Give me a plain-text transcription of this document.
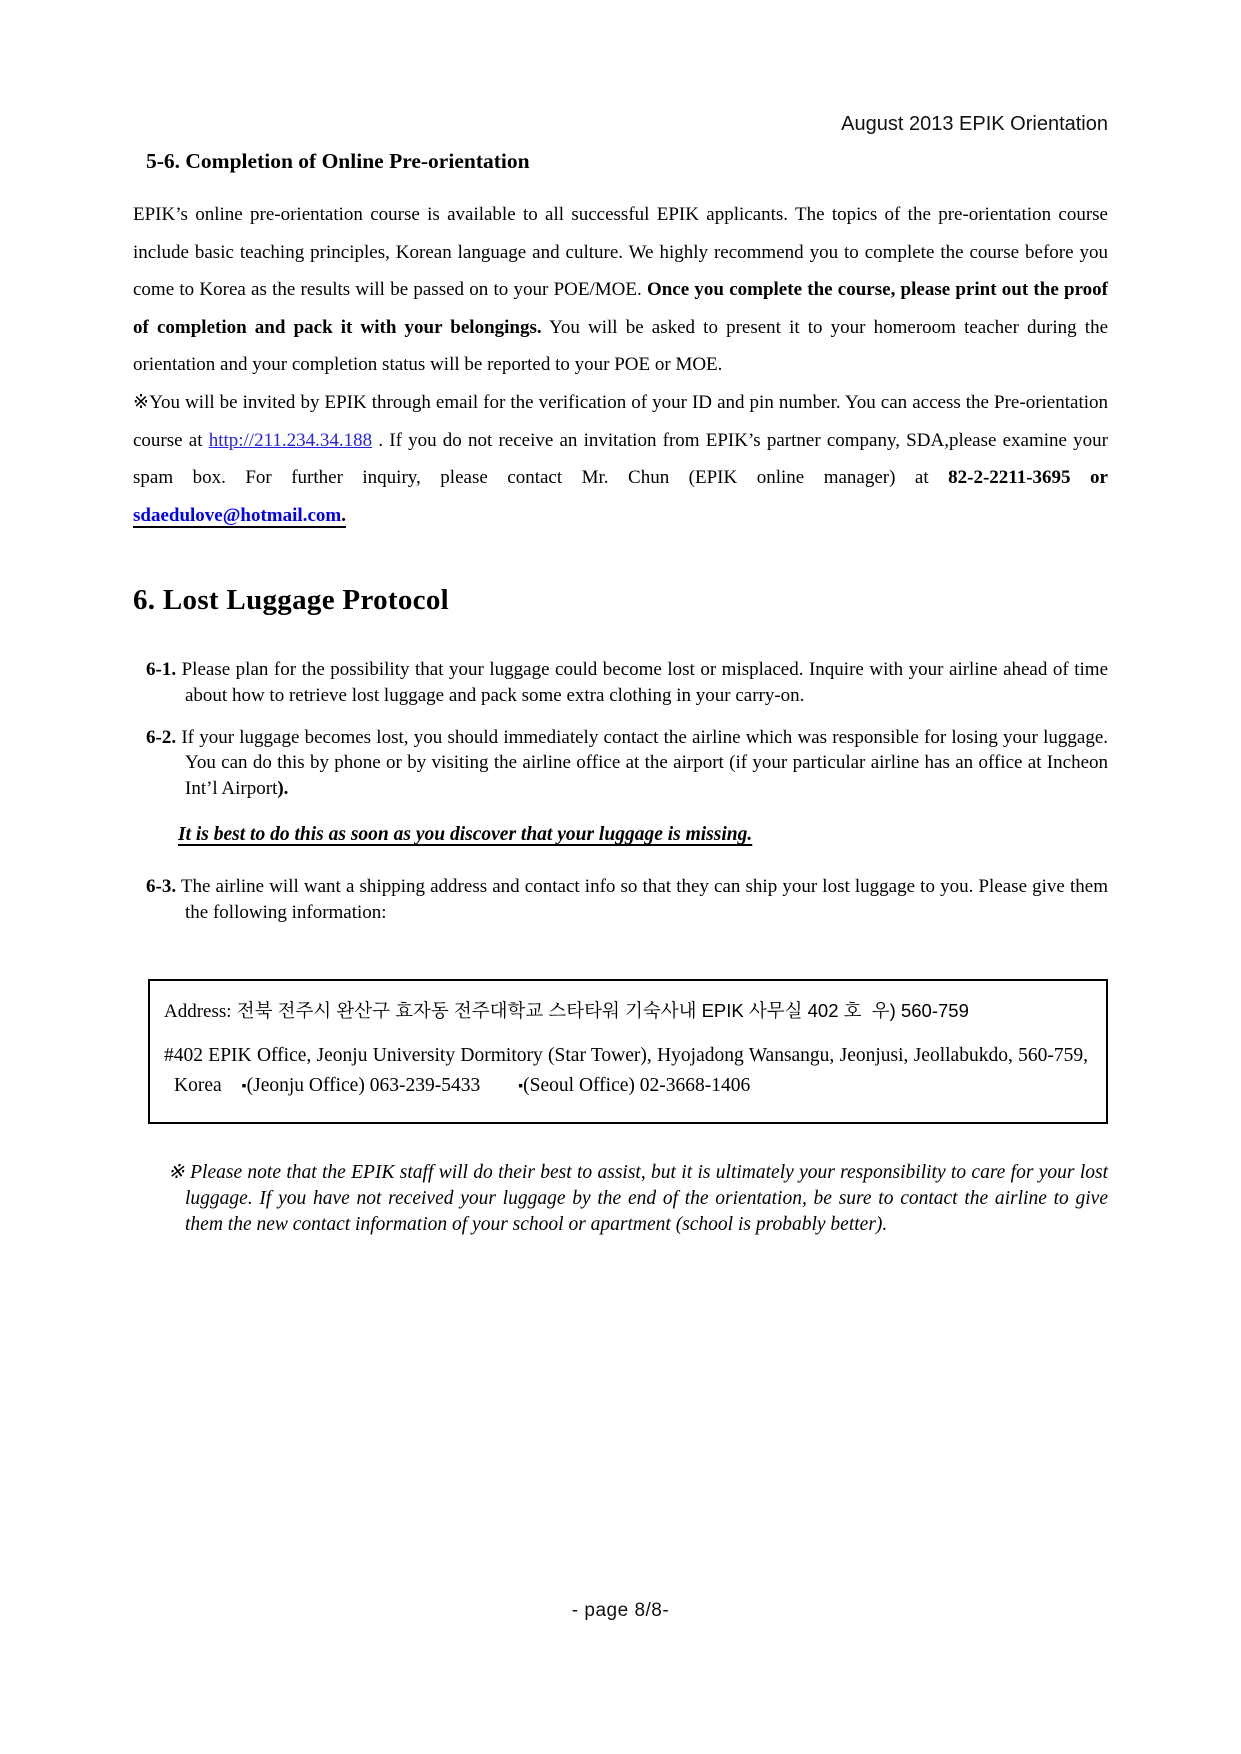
August 2013 EPIK Orientation
5-6. Completion of Online Pre-orientation

EPIK’s online pre-orientation course is available to all successful EPIK applicants. The topics of the pre-orientation course include basic teaching principles, Korean language and culture. We highly recommend you to complete the course before you come to Korea as the results will be passed on to your POE/MOE. Once you complete the course, please print out the proof of completion and pack it with your belongings. You will be asked to present it to your homeroom teacher during the orientation and your completion status will be reported to your POE or MOE.

※You will be invited by EPIK through email for the verification of your ID and pin number. You can access the Pre-orientation course at http://211.234.34.188 . If you do not receive an invitation from EPIK’s partner company, SDA,please examine your spam box. For further inquiry, please contact Mr. Chun (EPIK online manager) at 82-2-2211-3695 or sdaedulove@hotmail.com.

6. Lost Luggage Protocol

6-1. Please plan for the possibility that your luggage could become lost or misplaced. Inquire with your airline ahead of time about how to retrieve lost luggage and pack some extra clothing in your carry-on.

6-2. If your luggage becomes lost, you should immediately contact the airline which was responsible for losing your luggage. You can do this by phone or by visiting the airline office at the airport (if your particular airline has an office at Incheon Int’l Airport).

It is best to do this as soon as you discover that your luggage is missing.

6-3. The airline will want a shipping address and contact info so that they can ship your lost luggage to you. Please give them the following information:

Address: 전북 전주시 완산구 효자동 전주대학교 스타타워 기숙사내 EPIK 사무실 402 호  우) 560-759
#402 EPIK Office, Jeonju University Dormitory (Star Tower), Hyojadong Wansangu, Jeonjusi, Jeollabukdo, 560-759, Korea ▪(Jeonju Office) 063-239-5433	▪(Seoul Office) 02-3668-1406

※ Please note that the EPIK staff will do their best to assist, but it is ultimately your responsibility to care for your lost luggage. If you have not received your luggage by the end of the orientation, be sure to contact the airline to give them the new contact information of your school or apartment (school is probably better).

- page 8/8-
